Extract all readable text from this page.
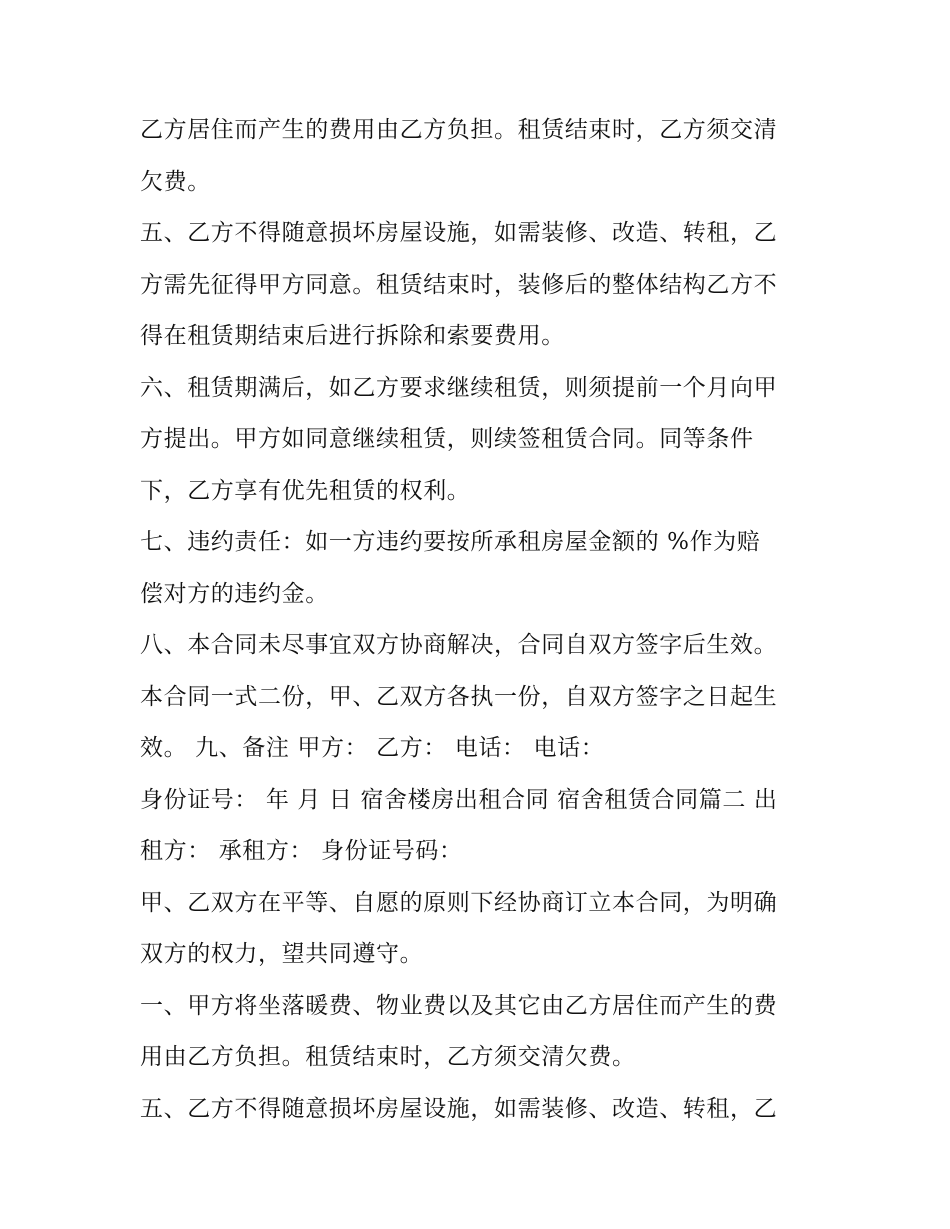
乙方居住而产生的费用由乙方负担。租赁结束时，乙方须交清
欠费。
五、乙方不得随意损坏房屋设施，如需装修、改造、转租，乙
方需先征得甲方同意。租赁结束时，装修后的整体结构乙方不
得在租赁期结束后进行拆除和索要费用。
六、租赁期满后，如乙方要求继续租赁，则须提前一个月向甲
方提出。甲方如同意继续租赁，则续签租赁合同。同等条件
下，乙方享有优先租赁的权利。
七、违约责任：如一方违约要按所承租房屋金额的 %作为赔
偿对方的违约金。
八、本合同未尽事宜双方协商解决，合同自双方签字后生效。
本合同一式二份，甲、乙双方各执一份，自双方签字之日起生
效。 九、备注 甲方： 乙方： 电话： 电话：
身份证号： 年 月 日 宿舍楼房出租合同 宿舍租赁合同篇二 出
租方： 承租方： 身份证号码：
甲、乙双方在平等、自愿的原则下经协商订立本合同，为明确
双方的权力，望共同遵守。
一、甲方将坐落暖费、物业费以及其它由乙方居住而产生的费
用由乙方负担。租赁结束时，乙方须交清欠费。
五、乙方不得随意损坏房屋设施，如需装修、改造、转租，乙
